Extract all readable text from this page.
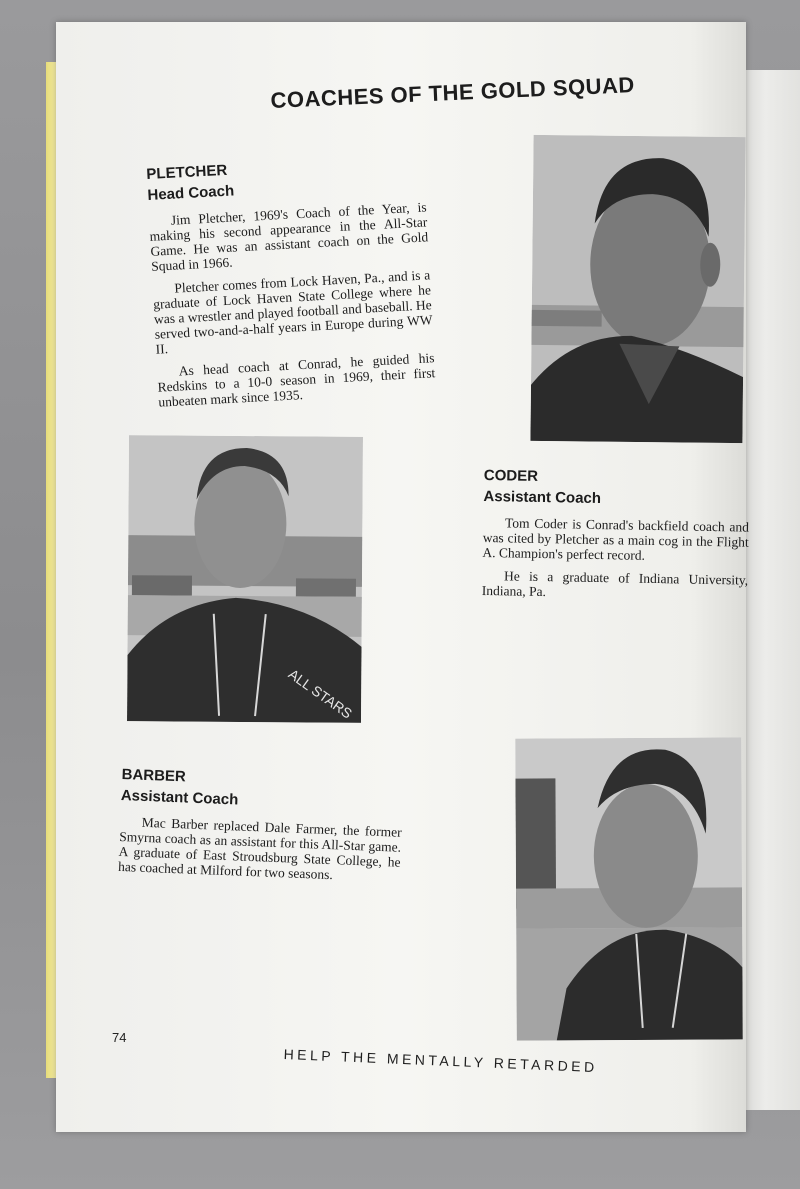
COACHES OF THE GOLD SQUAD

PLETCHER

Head Coach

Jim Pletcher, 1969's Coach of the Year, is making his second appearance in the All-Star Game. He was an assistant coach on the Gold Squad in 1966.

Pletcher comes from Lock Haven, Pa., and is a graduate of Lock Haven State College where he was a wrestler and played football and baseball. He served two-and-a-half years in Europe during WW II.

As head coach at Conrad, he guided his Redskins to a 10-0 season in 1969, their first unbeaten mark since 1935.

ALL STARS

CODER

Assistant Coach

Tom Coder is Conrad's backfield coach and was cited by Pletcher as a main cog in the Flight A. Champion's perfect record.

He is a graduate of Indiana University, Indiana, Pa.

BARBER

Assistant Coach

Mac Barber replaced Dale Farmer, the former Smyrna coach as an assistant for this All-Star game. A graduate of East Stroudsburg State College, he has coached at Milford for two seasons.

74
HELP THE MENTALLY RETARDED
